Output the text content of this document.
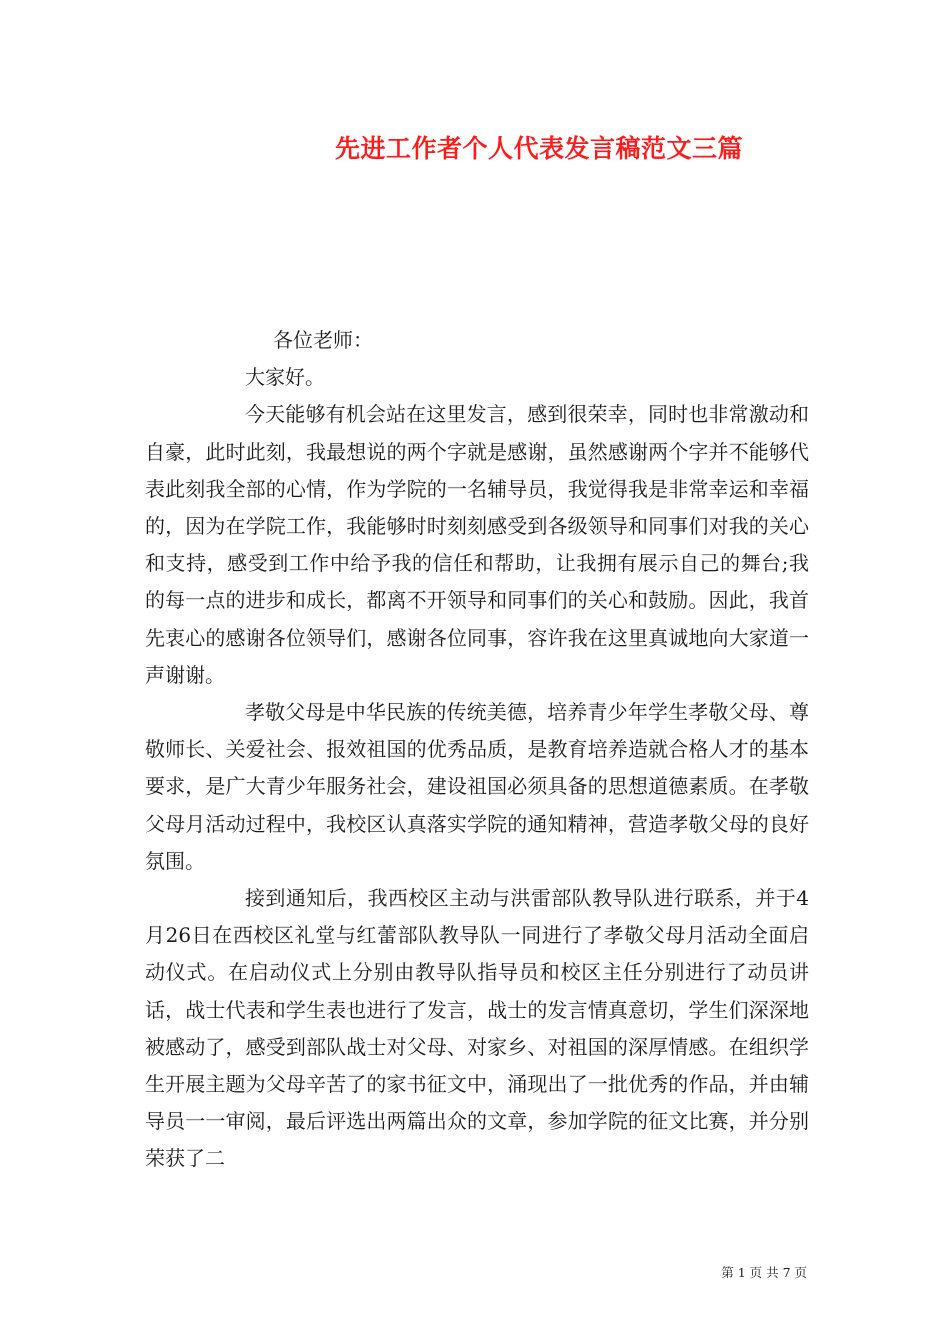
先进工作者个人代表发言稿范文三篇

各位老师：

大家好。

今天能够有机会站在这里发言，感到很荣幸，同时也非常激动和自豪，此时此刻，我最想说的两个字就是感谢，虽然感谢两个字并不能够代表此刻我全部的心情，作为学院的一名辅导员，我觉得我是非常幸运和幸福的，因为在学院工作，我能够时时刻刻感受到各级领导和同事们对我的关心和支持，感受到工作中给予我的信任和帮助，让我拥有展示自己的舞台;我的每一点的进步和成长，都离不开领导和同事们的关心和鼓励。因此，我首先衷心的感谢各位领导们，感谢各位同事，容许我在这里真诚地向大家道一声谢谢。

孝敬父母是中华民族的传统美德，培养青少年学生孝敬父母、尊敬师长、关爱社会、报效祖国的优秀品质，是教育培养造就合格人才的基本要求，是广大青少年服务社会，建设祖国必须具备的思想道德素质。在孝敬父母月活动过程中，我校区认真落实学院的通知精神，营造孝敬父母的良好氛围。

接到通知后，我西校区主动与洪雷部队教导队进行联系，并于4月26日在西校区礼堂与红蕾部队教导队一同进行了孝敬父母月活动全面启动仪式。在启动仪式上分别由教导队指导员和校区主任分别进行了动员讲话，战士代表和学生表也进行了发言，战士的发言情真意切，学生们深深地被感动了，感受到部队战士对父母、对家乡、对祖国的深厚情感。在组织学生开展主题为父母辛苦了的家书征文中，涌现出了一批优秀的作品，并由辅导员一一审阅，最后评选出两篇出众的文章，参加学院的征文比赛，并分别荣获了二

第 1 页 共 7 页
